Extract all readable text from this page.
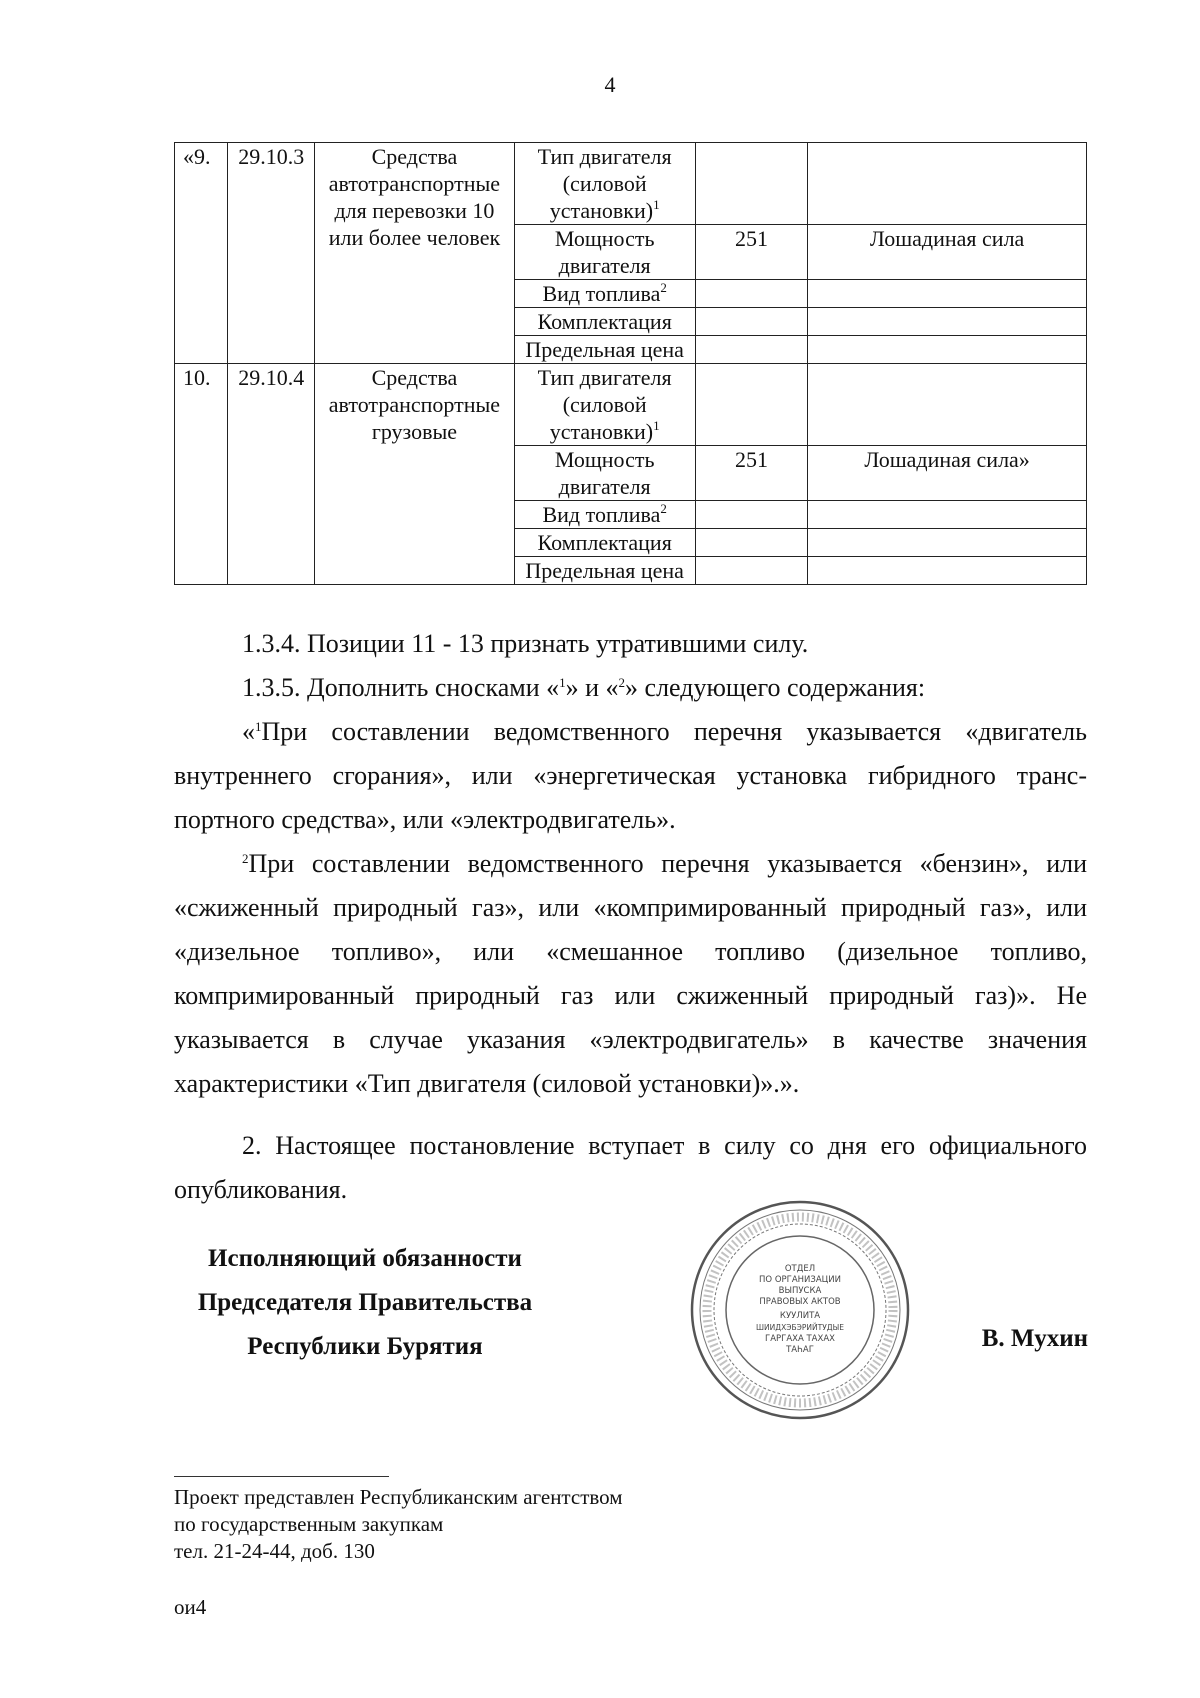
4
«9.	29.10.3	Средства автотранспортные для перевозки 10 или более человек	Тип двигателя (силовой установки)$^1$		
			Мощность двигателя	251	Лошадиная сила
			Вид топлива$^2$		
			Комплектация		
			Предельная цена		
10.	29.10.4	Средства автотранспортные грузовые	Тип двигателя (силовой установки)$^1$		
			Мощность двигателя	251	Лошадиная сила»
			Вид топлива$^2$		
			Комплектация		
			Предельная цена		

1.3.4. Позиции 11 - 13 признать утратившими силу.

1.3.5. Дополнить сносками «$^1$» и «$^2$» следующего содержания:

«$^1$При составлении ведомственного перечня указывается «двигатель внутреннего сгорания», или «энергетическая установка гибридного транспортного средства», или «электродвигатель».

$^2$При составлении ведомственного перечня указывается «бензин», или «сжиженный природный газ», или «компримированный природный газ», или «дизельное топливо», или «смешанное топливо (дизельное топливо, компримированный природный газ или сжиженный природный газ)». Не указывается в случае указания «электродвигатель» в качестве значения характеристики «Тип двигателя (силовой установки)».».

2. Настоящее постановление вступает в силу со дня его официального опубликования.

Исполняющий обязанности
Председателя Правительства
Республики Бурятия
ОТДЕЛ
ПО ОРГАНИЗАЦИИ
ВЫПУСКА
ПРАВОВЫХ АКТОВ
КУУЛИТА
ШИИДХЭБЭРИЙТУДЫЕ
ГАРГАХА ТАХАХ
ТАҺАГ	В. Мухин
Проект представлен Республиканским агентством
по государственным закупкам
тел. 21-24-44, доб. 130
ои4
